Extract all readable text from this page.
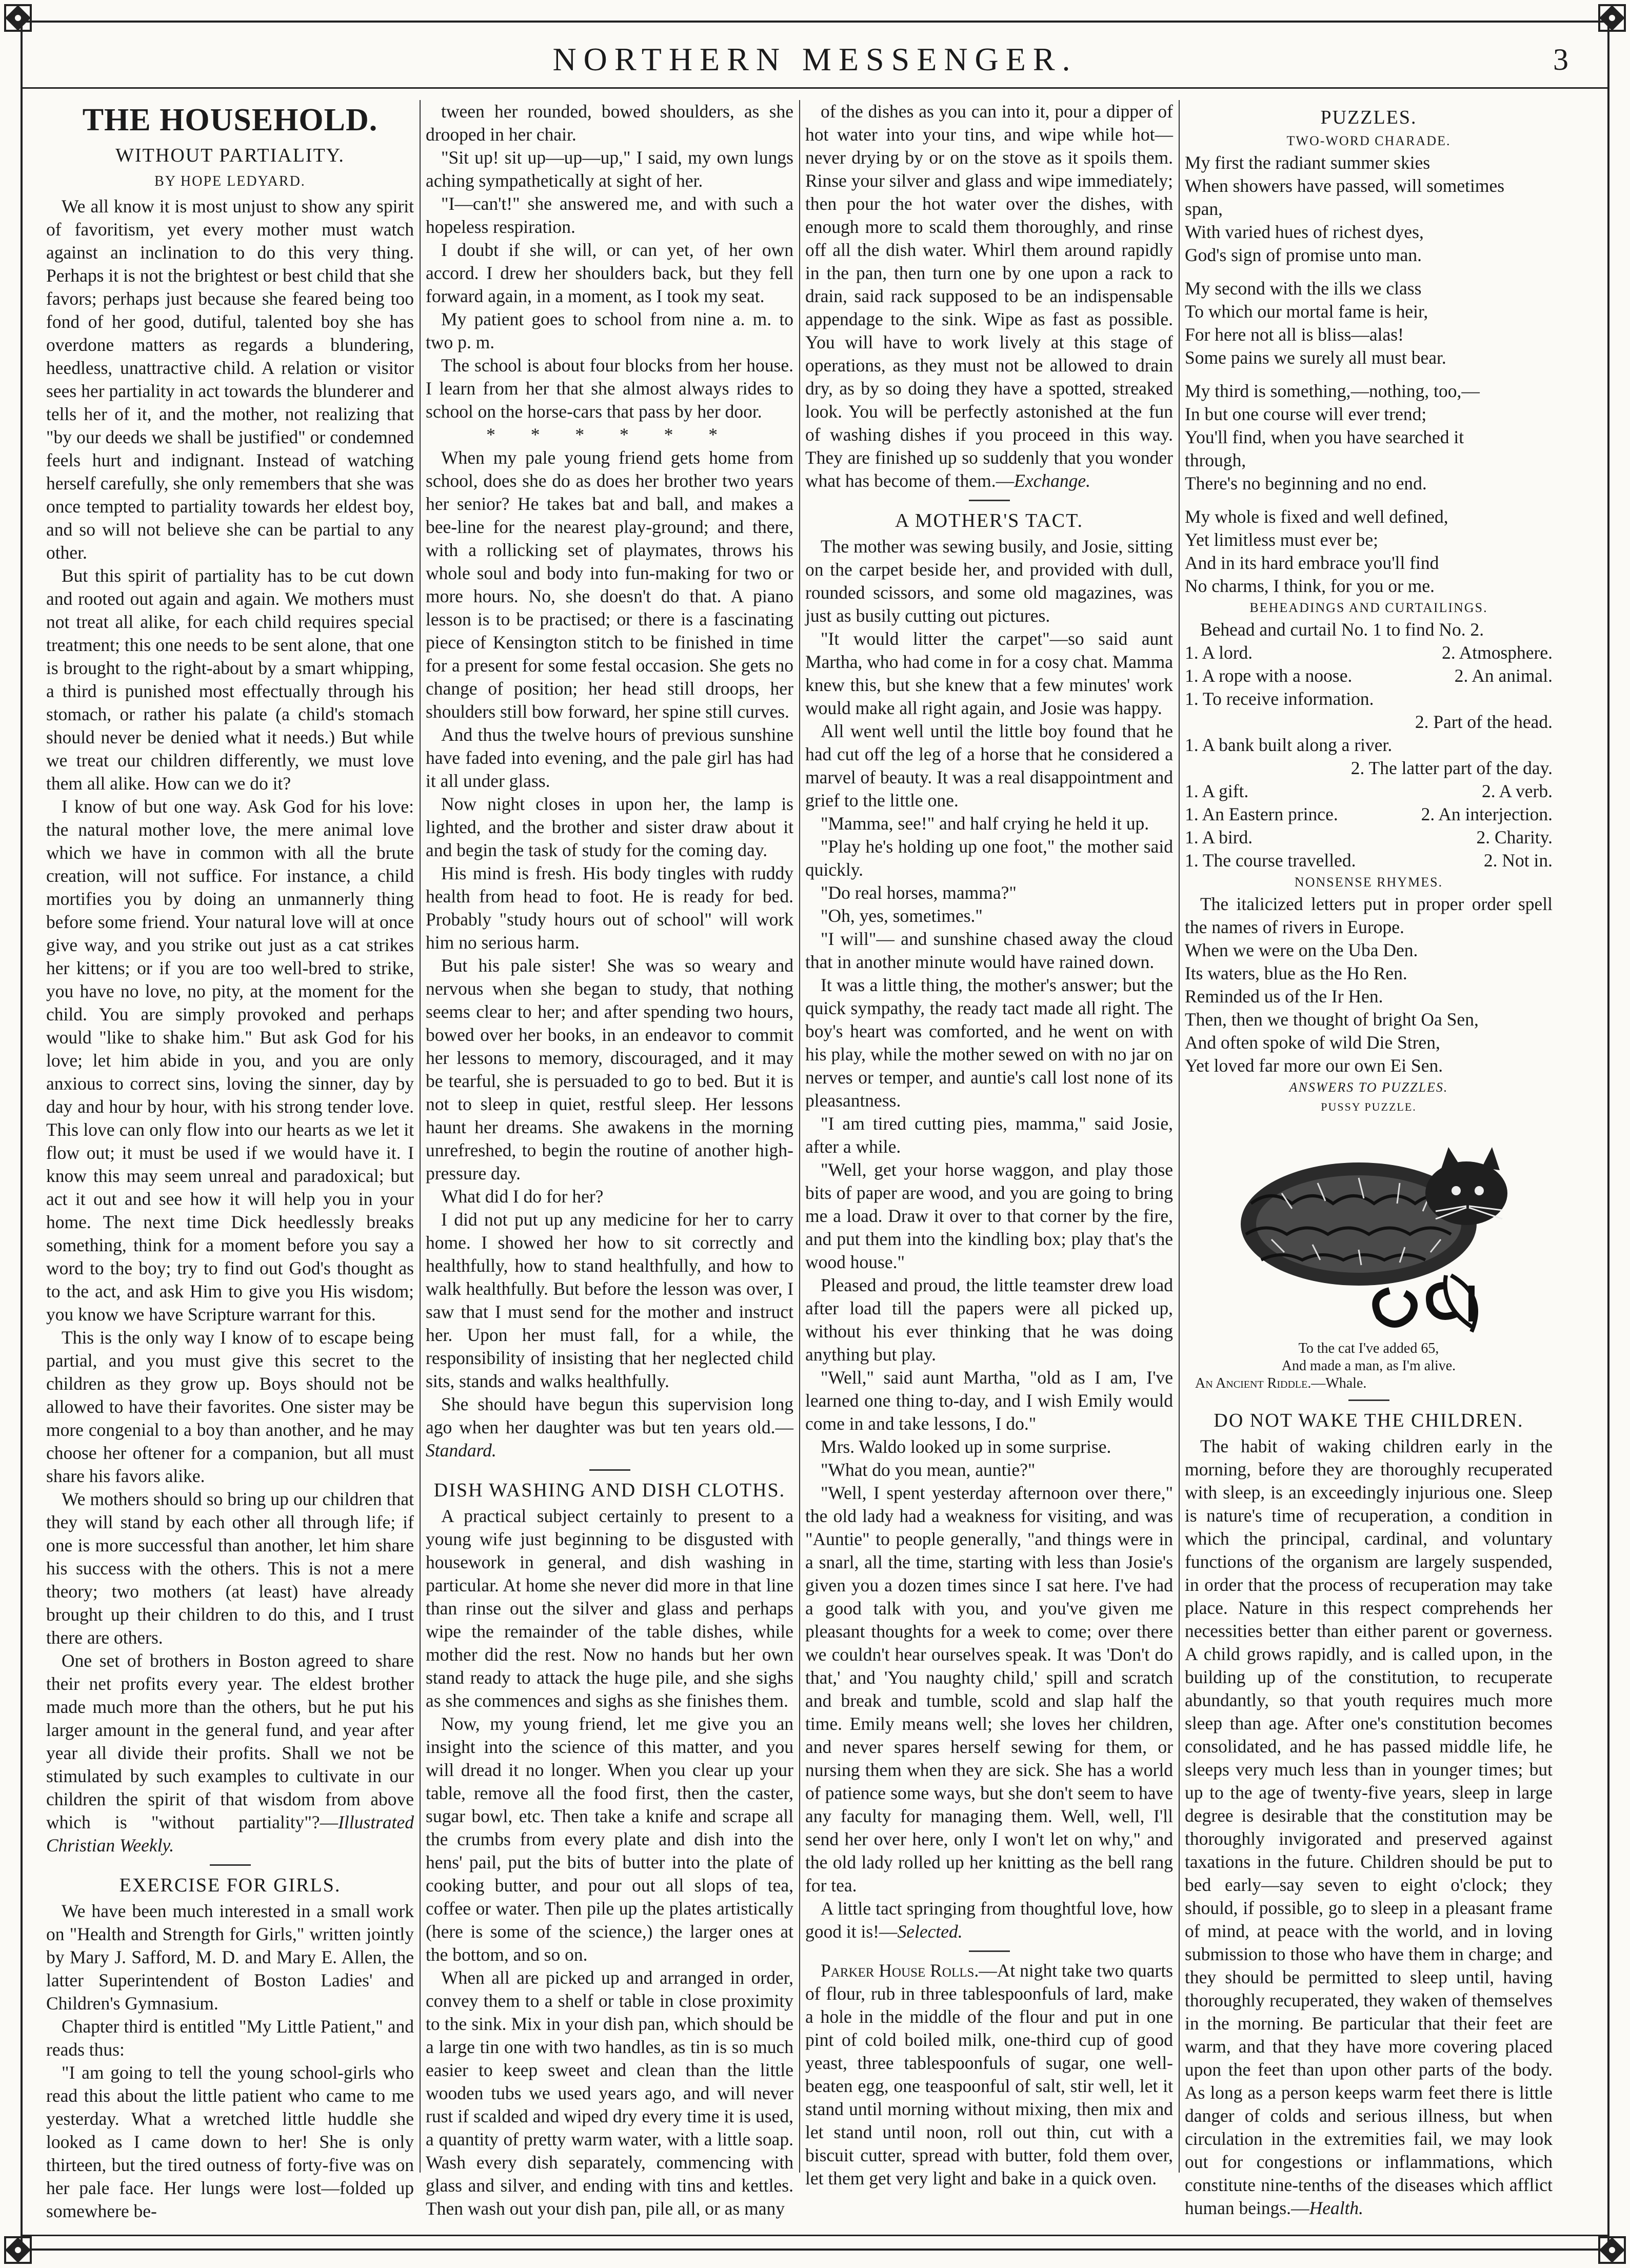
NORTHERN MESSENGER.	3
THE HOUSEHOLD.
WITHOUT PARTIALITY.
BY HOPE LEDYARD.

We all know it is most unjust to show any spirit of favoritism, yet every mother must watch against an inclination to do this very thing. Perhaps it is not the brightest or best child that she favors; perhaps just because she feared being too fond of her good, dutiful, talented boy she has overdone matters as regards a blundering, heedless, unattractive child. A relation or visitor sees her partiality in act towards the blunderer and tells her of it, and the mother, not realizing that "by our deeds we shall be justified" or condemned feels hurt and indignant. Instead of watching herself carefully, she only remembers that she was once tempted to partiality towards her eldest boy, and so will not believe she can be partial to any other.

But this spirit of partiality has to be cut down and rooted out again and again. We mothers must not treat all alike, for each child requires special treatment; this one needs to be sent alone, that one is brought to the right-about by a smart whipping, a third is punished most effectually through his stomach, or rather his palate (a child's stomach should never be denied what it needs.) But while we treat our children differently, we must love them all alike. How can we do it?

I know of but one way. Ask God for his love: the natural mother love, the mere animal love which we have in common with all the brute creation, will not suffice. For instance, a child mortifies you by doing an unmannerly thing before some friend. Your natural love will at once give way, and you strike out just as a cat strikes her kittens; or if you are too well-bred to strike, you have no love, no pity, at the moment for the child. You are simply provoked and perhaps would "like to shake him." But ask God for his love; let him abide in you, and you are only anxious to correct sins, loving the sinner, day by day and hour by hour, with his strong tender love. This love can only flow into our hearts as we let it flow out; it must be used if we would have it. I know this may seem unreal and paradoxical; but act it out and see how it will help you in your home. The next time Dick heedlessly breaks something, think for a moment before you say a word to the boy; try to find out God's thought as to the act, and ask Him to give you His wisdom; you know we have Scripture warrant for this.

This is the only way I know of to escape being partial, and you must give this secret to the children as they grow up. Boys should not be allowed to have their favorites. One sister may be more congenial to a boy than another, and he may choose her oftener for a companion, but all must share his favors alike.

We mothers should so bring up our children that they will stand by each other all through life; if one is more successful than another, let him share his success with the others. This is not a mere theory; two mothers (at least) have already brought up their children to do this, and I trust there are others.

One set of brothers in Boston agreed to share their net profits every year. The eldest brother made much more than the others, but he put his larger amount in the general fund, and year after year all divide their profits. Shall we not be stimulated by such examples to cultivate in our children the spirit of that wisdom from above which is "without partiality"?—Illustrated Christian Weekly.

EXERCISE FOR GIRLS.

We have been much interested in a small work on "Health and Strength for Girls," written jointly by Mary J. Safford, M. D. and Mary E. Allen, the latter Superintendent of Boston Ladies' and Children's Gymnasium.

Chapter third is entitled "My Little Patient," and reads thus:

"I am going to tell the young school-girls who read this about the little patient who came to me yesterday. What a wretched little huddle she looked as I came down to her! She is only thirteen, but the tired outness of forty-five was on her pale face. Her lungs were lost—folded up somewhere be-

tween her rounded, bowed shoulders, as she drooped in her chair.

"Sit up! sit up—up—up," I said, my own lungs aching sympathetically at sight of her.

"I—can't!" she answered me, and with such a hopeless respiration.

I doubt if she will, or can yet, of her own accord. I drew her shoulders back, but they fell forward again, in a moment, as I took my seat.

My patient goes to school from nine a. m. to two p. m.

The school is about four blocks from her house. I learn from her that she almost always rides to school on the horse-cars that pass by her door.

* * * * * *

When my pale young friend gets home from school, does she do as does her brother two years her senior? He takes bat and ball, and makes a bee-line for the nearest play-ground; and there, with a rollicking set of playmates, throws his whole soul and body into fun-making for two or more hours. No, she doesn't do that. A piano lesson is to be practised; or there is a fascinating piece of Kensington stitch to be finished in time for a present for some festal occasion. She gets no change of position; her head still droops, her shoulders still bow forward, her spine still curves.

And thus the twelve hours of previous sunshine have faded into evening, and the pale girl has had it all under glass.

Now night closes in upon her, the lamp is lighted, and the brother and sister draw about it and begin the task of study for the coming day.

His mind is fresh. His body tingles with ruddy health from head to foot. He is ready for bed. Probably "study hours out of school" will work him no serious harm.

But his pale sister! She was so weary and nervous when she began to study, that nothing seems clear to her; and after spending two hours, bowed over her books, in an endeavor to commit her lessons to memory, discouraged, and it may be tearful, she is persuaded to go to bed. But it is not to sleep in quiet, restful sleep. Her lessons haunt her dreams. She awakens in the morning unrefreshed, to begin the routine of another high-pressure day.

What did I do for her?

I did not put up any medicine for her to carry home. I showed her how to sit correctly and healthfully, how to stand healthfully, and how to walk healthfully. But before the lesson was over, I saw that I must send for the mother and instruct her. Upon her must fall, for a while, the responsibility of insisting that her neglected child sits, stands and walks healthfully.

She should have begun this supervision long ago when her daughter was but ten years old.—Standard.

DISH WASHING AND DISH CLOTHS.

A practical subject certainly to present to a young wife just beginning to be disgusted with housework in general, and dish washing in particular. At home she never did more in that line than rinse out the silver and glass and perhaps wipe the remainder of the table dishes, while mother did the rest. Now no hands but her own stand ready to attack the huge pile, and she sighs as she commences and sighs as she finishes them.

Now, my young friend, let me give you an insight into the science of this matter, and you will dread it no longer. When you clear up your table, remove all the food first, then the caster, sugar bowl, etc. Then take a knife and scrape all the crumbs from every plate and dish into the hens' pail, put the bits of butter into the plate of cooking butter, and pour out all slops of tea, coffee or water. Then pile up the plates artistically (here is some of the science,) the larger ones at the bottom, and so on.

When all are picked up and arranged in order, convey them to a shelf or table in close proximity to the sink. Mix in your dish pan, which should be a large tin one with two handles, as tin is so much easier to keep sweet and clean than the little wooden tubs we used years ago, and will never rust if scalded and wiped dry every time it is used, a quantity of pretty warm water, with a little soap. Wash every dish separately, commencing with glass and silver, and ending with tins and kettles. Then wash out your dish pan, pile all, or as many

of the dishes as you can into it, pour a dipper of hot water into your tins, and wipe while hot—never drying by or on the stove as it spoils them. Rinse your silver and glass and wipe immediately; then pour the hot water over the dishes, with enough more to scald them thoroughly, and rinse off all the dish water. Whirl them around rapidly in the pan, then turn one by one upon a rack to drain, said rack supposed to be an indispensable appendage to the sink. Wipe as fast as possible. You will have to work lively at this stage of operations, as they must not be allowed to drain dry, as by so doing they have a spotted, streaked look. You will be perfectly astonished at the fun of washing dishes if you proceed in this way. They are finished up so suddenly that you wonder what has become of them.—Exchange.

A MOTHER'S TACT.

The mother was sewing busily, and Josie, sitting on the carpet beside her, and provided with dull, rounded scissors, and some old magazines, was just as busily cutting out pictures.

"It would litter the carpet"—so said aunt Martha, who had come in for a cosy chat. Mamma knew this, but she knew that a few minutes' work would make all right again, and Josie was happy.

All went well until the little boy found that he had cut off the leg of a horse that he considered a marvel of beauty. It was a real disappointment and grief to the little one.

"Mamma, see!" and half crying he held it up.

"Play he's holding up one foot," the mother said quickly.

"Do real horses, mamma?"

"Oh, yes, sometimes."

"I will"— and sunshine chased away the cloud that in another minute would have rained down.

It was a little thing, the mother's answer; but the quick sympathy, the ready tact made all right. The boy's heart was comforted, and he went on with his play, while the mother sewed on with no jar on nerves or temper, and auntie's call lost none of its pleasantness.

"I am tired cutting pies, mamma," said Josie, after a while.

"Well, get your horse waggon, and play those bits of paper are wood, and you are going to bring me a load. Draw it over to that corner by the fire, and put them into the kindling box; play that's the wood house."

Pleased and proud, the little teamster drew load after load till the papers were all picked up, without his ever thinking that he was doing anything but play.

"Well," said aunt Martha, "old as I am, I've learned one thing to-day, and I wish Emily would come in and take lessons, I do."

Mrs. Waldo looked up in some surprise.

"What do you mean, auntie?"

"Well, I spent yesterday afternoon over there," the old lady had a weakness for visiting, and was "Auntie" to people generally, "and things were in a snarl, all the time, starting with less than Josie's given you a dozen times since I sat here. I've had a good talk with you, and you've given me pleasant thoughts for a week to come; over there we couldn't hear ourselves speak. It was 'Don't do that,' and 'You naughty child,' spill and scratch and break and tumble, scold and slap half the time. Emily means well; she loves her children, and never spares herself sewing for them, or nursing them when they are sick. She has a world of patience some ways, but she don't seem to have any faculty for managing them. Well, well, I'll send her over here, only I won't let on why," and the old lady rolled up her knitting as the bell rang for tea.

A little tact springing from thoughtful love, how good it is!—Selected.

Parker House Rolls.—At night take two quarts of flour, rub in three tablespoonfuls of lard, make a hole in the middle of the flour and put in one pint of cold boiled milk, one-third cup of good yeast, three tablespoonfuls of sugar, one well-beaten egg, one teaspoonful of salt, stir well, let it stand until morning without mixing, then mix and let stand until noon, roll out thin, cut with a biscuit cutter, spread with butter, fold them over, let them get very light and bake in a quick oven.

PUZZLES.
TWO-WORD CHARADE.
My first the radiant summer skies
When showers have passed, will sometimes
span,
With varied hues of richest dyes,
God's sign of promise unto man.
My second with the ills we class
To which our mortal fame is heir,
For here not all is bliss—alas!
Some pains we surely all must bear.
My third is something,—nothing, too,—
In but one course will ever trend;
You'll find, when you have searched it
through,
There's no beginning and no end.
My whole is fixed and well defined,
Yet limitless must ever be;
And in its hard embrace you'll find
No charms, I think, for you or me.
BEHEADINGS AND CURTAILINGS.

Behead and curtail No. 1 to find No. 2.

1. A lord.	2. Atmosphere.
1. A rope with a noose.	2. An animal.
1. To receive information.
2. Part of the head.
1. A bank built along a river.
2. The latter part of the day.
1. A gift.	2. A verb.
1. An Eastern prince.	2. An interjection.
1. A bird.	2. Charity.
1. The course travelled.	2. Not in.
NONSENSE RHYMES.

The italicized letters put in proper order spell the names of rivers in Europe.

When we were on the Uba Den.
Its waters, blue as the Ho Ren.
Reminded us of the Ir Hen.
Then, then we thought of bright Oa Sen,
And often spoke of wild Die Stren,
Yet loved far more our own Ei Sen.
ANSWERS TO PUZZLES.
PUSSY PUZZLE.
To the cat I've added 65,
And made a man, as I'm alive.
An Ancient Riddle.—Whale.
DO NOT WAKE THE CHILDREN.

The habit of waking children early in the morning, before they are thoroughly recuperated with sleep, is an exceedingly injurious one. Sleep is nature's time of recuperation, a condition in which the principal, cardinal, and voluntary functions of the organism are largely suspended, in order that the process of recuperation may take place. Nature in this respect comprehends her necessities better than either parent or governess. A child grows rapidly, and is called upon, in the building up of the constitution, to recuperate abundantly, so that youth requires much more sleep than age. After one's constitution becomes consolidated, and he has passed middle life, he sleeps very much less than in younger times; but up to the age of twenty-five years, sleep in large degree is desirable that the constitution may be thoroughly invigorated and preserved against taxations in the future. Children should be put to bed early—say seven to eight o'clock; they should, if possible, go to sleep in a pleasant frame of mind, at peace with the world, and in loving submission to those who have them in charge; and they should be permitted to sleep until, having thoroughly recuperated, they waken of themselves in the morning. Be particular that their feet are warm, and that they have more covering placed upon the feet than upon other parts of the body. As long as a person keeps warm feet there is little danger of colds and serious illness, but when circulation in the extremities fail, we may look out for congestions or inflammations, which constitute nine-tenths of the diseases which afflict human beings.—Health.
